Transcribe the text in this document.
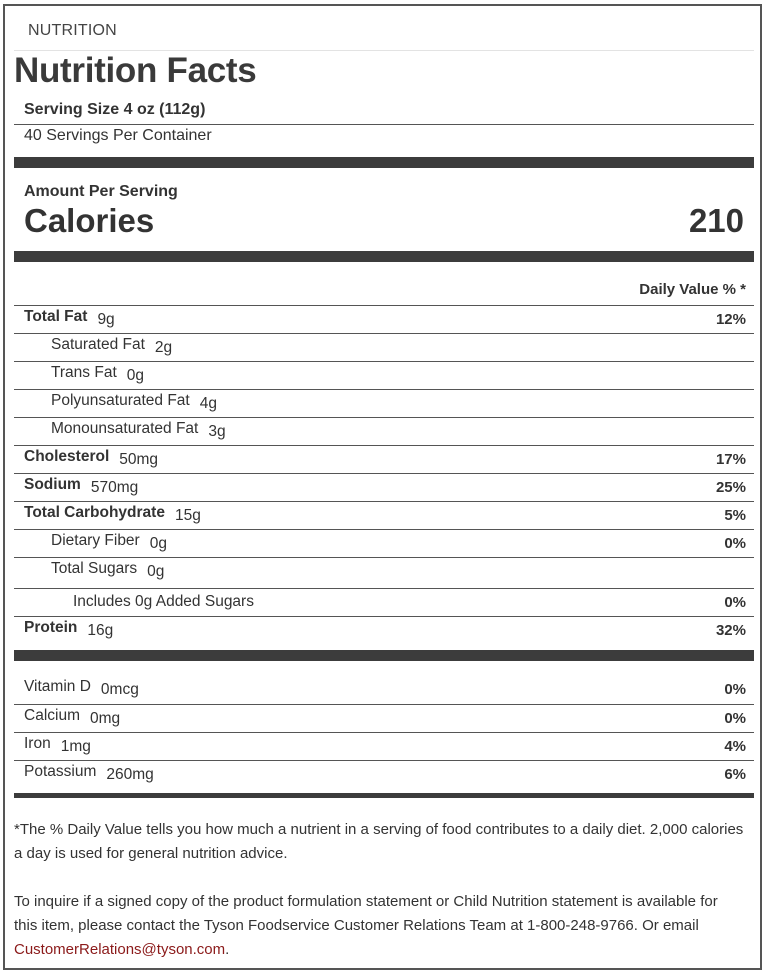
NUTRITION
Nutrition Facts
Serving Size 4 oz (112g)
40 Servings Per Container
Amount Per Serving
Calories	210
Daily Value % *
Total Fat 9g	12%
Saturated Fat 2g
Trans Fat 0g
Polyunsaturated Fat 4g
Monounsaturated Fat 3g
Cholesterol 50mg	17%
Sodium 570mg	25%
Total Carbohydrate 15g	5%
Dietary Fiber 0g	0%
Total Sugars 0g
Includes 0g Added Sugars	0%
Protein 16g	32%
Vitamin D 0mcg	0%
Calcium 0mg	0%
Iron 1mg	4%
Potassium 260mg	6%
*The % Daily Value tells you how much a nutrient in a serving of food contributes to a daily diet. 2,000 calories a day is used for general nutrition advice.
To inquire if a signed copy of the product formulation statement or Child Nutrition statement is available for this item, please contact the Tyson Foodservice Customer Relations Team at 1-800-248-9766. Or email CustomerRelations@tyson.com.
